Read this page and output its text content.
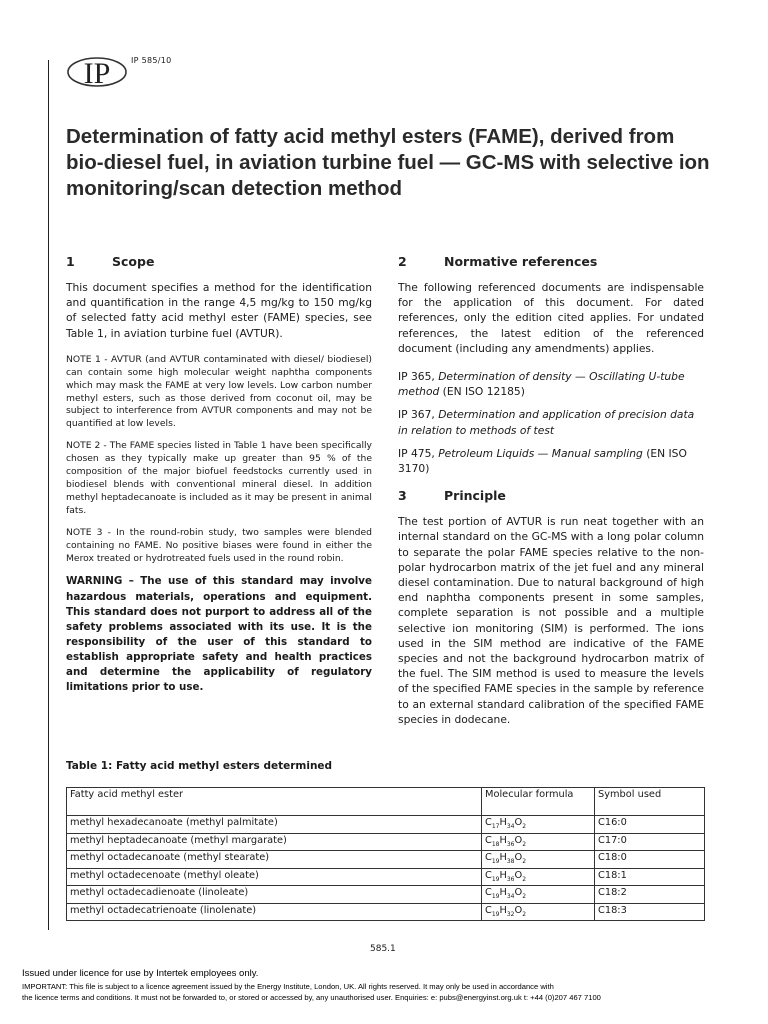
IP	IP 585/10
Determination of fatty acid methyl esters (FAME), derived from bio-diesel fuel, in aviation turbine fuel — GC-MS with selective ion monitoring/scan detection method
1	Scope

This document specifies a method for the identification and quantification in the range 4,5 mg/kg to 150 mg/kg of selected fatty acid methyl ester (FAME) species, see Table 1, in aviation turbine fuel (AVTUR).

NOTE 1 - AVTUR (and AVTUR contaminated with diesel/ biodiesel) can contain some high molecular weight naphtha components which may mask the FAME at very low levels. Low carbon number methyl esters, such as those derived from coconut oil, may be subject to interference from AVTUR components and may not be quantified at low levels.

NOTE 2 - The FAME species listed in Table 1 have been specifically chosen as they typically make up greater than 95 % of the composition of the major biofuel feedstocks currently used in biodiesel blends with conventional mineral diesel. In addition methyl heptadecanoate is included as it may be present in animal fats.

NOTE 3 - In the round-robin study, two samples were blended containing no FAME. No positive biases were found in either the Merox treated or hydrotreated fuels used in the round robin.

WARNING – The use of this standard may involve hazardous materials, operations and equipment. This standard does not purport to address all of the safety problems associated with its use. It is the responsibility of the user of this standard to establish appropriate safety and health practices and determine the applicability of regulatory limitations prior to use.

2	Normative references

The following referenced documents are indispensable for the application of this document. For dated references, only the edition cited applies. For undated references, the latest edition of the referenced document (including any amendments) applies.

IP 365, Determination of density — Oscillating U-tube method (EN ISO 12185)

IP 367, Determination and application of precision data in relation to methods of test

IP 475, Petroleum Liquids — Manual sampling (EN ISO 3170)

3	Principle

The test portion of AVTUR is run neat together with an internal standard on the GC-MS with a long polar column to separate the polar FAME species relative to the non-polar hydrocarbon matrix of the jet fuel and any mineral diesel contamination. Due to natural background of high end naphtha components present in some samples, complete separation is not possible and a multiple selective ion monitoring (SIM) is performed. The ions used in the SIM method are indicative of the FAME species and not the background hydrocarbon matrix of the fuel. The SIM method is used to measure the levels of the specified FAME species in the sample by reference to an external standard calibration of the specified FAME species in dodecane.

Table 1: Fatty acid methyl esters determined
Fatty acid methyl ester	Molecular formula	Symbol used
methyl hexadecanoate (methyl palmitate)	$C_{17}H_{34}O_2$	C16:0
methyl heptadecanoate (methyl margarate)	$C_{18}H_{36}O_2$	C17:0
methyl octadecanoate (methyl stearate)	$C_{19}H_{38}O_2$	C18:0
methyl octadecenoate (methyl oleate)	$C_{19}H_{36}O_2$	C18:1
methyl octadecadienoate (linoleate)	$C_{19}H_{34}O_2$	C18:2
methyl octadecatrienoate (linolenate)	$C_{19}H_{32}O_2$	C18:3
585.1
Issued under licence for use by Intertek employees only.
IMPORTANT: This file is subject to a licence agreement issued by the Energy Institute, London, UK. All rights reserved. It may only be used in accordance with
the licence terms and conditions. It must not be forwarded to, or stored or accessed by, any unauthorised user. Enquiries: e: pubs@energyinst.org.uk t: +44 (0)207 467 7100
